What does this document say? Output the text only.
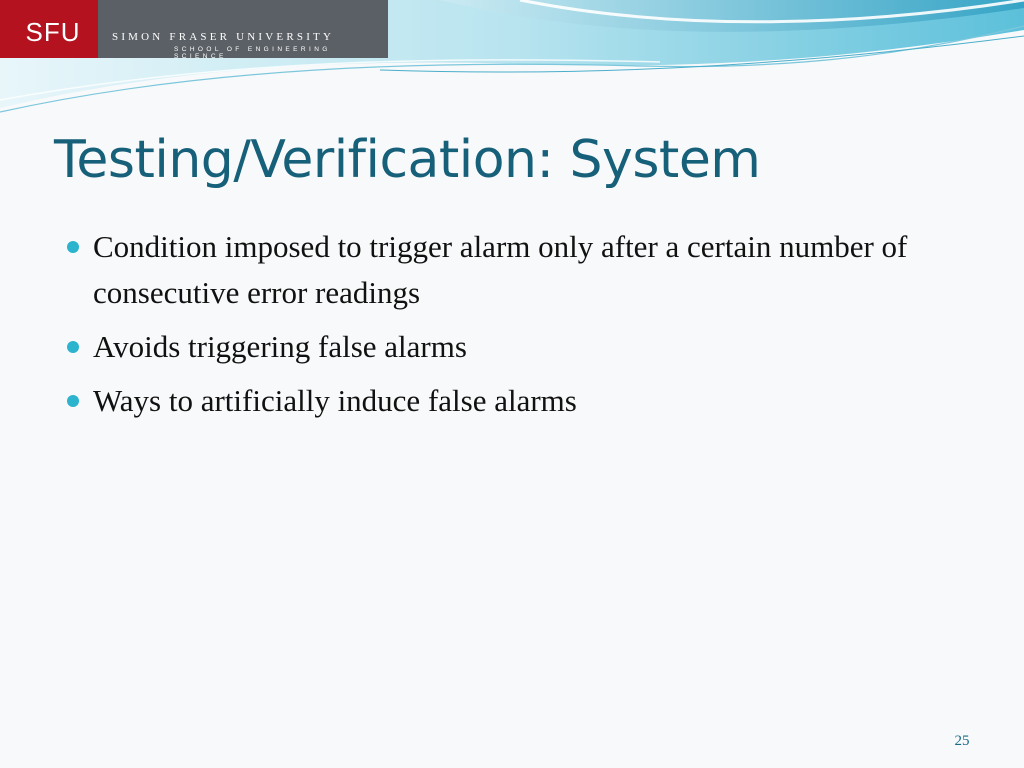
SFU	SIMON FRASER UNIVERSITY
SCHOOL OF ENGINEERING SCIENCE
Testing/Verification: System
Condition imposed to trigger alarm only after a certain number of consecutive error readings
Avoids triggering false alarms
Ways to artificially induce false alarms
25
